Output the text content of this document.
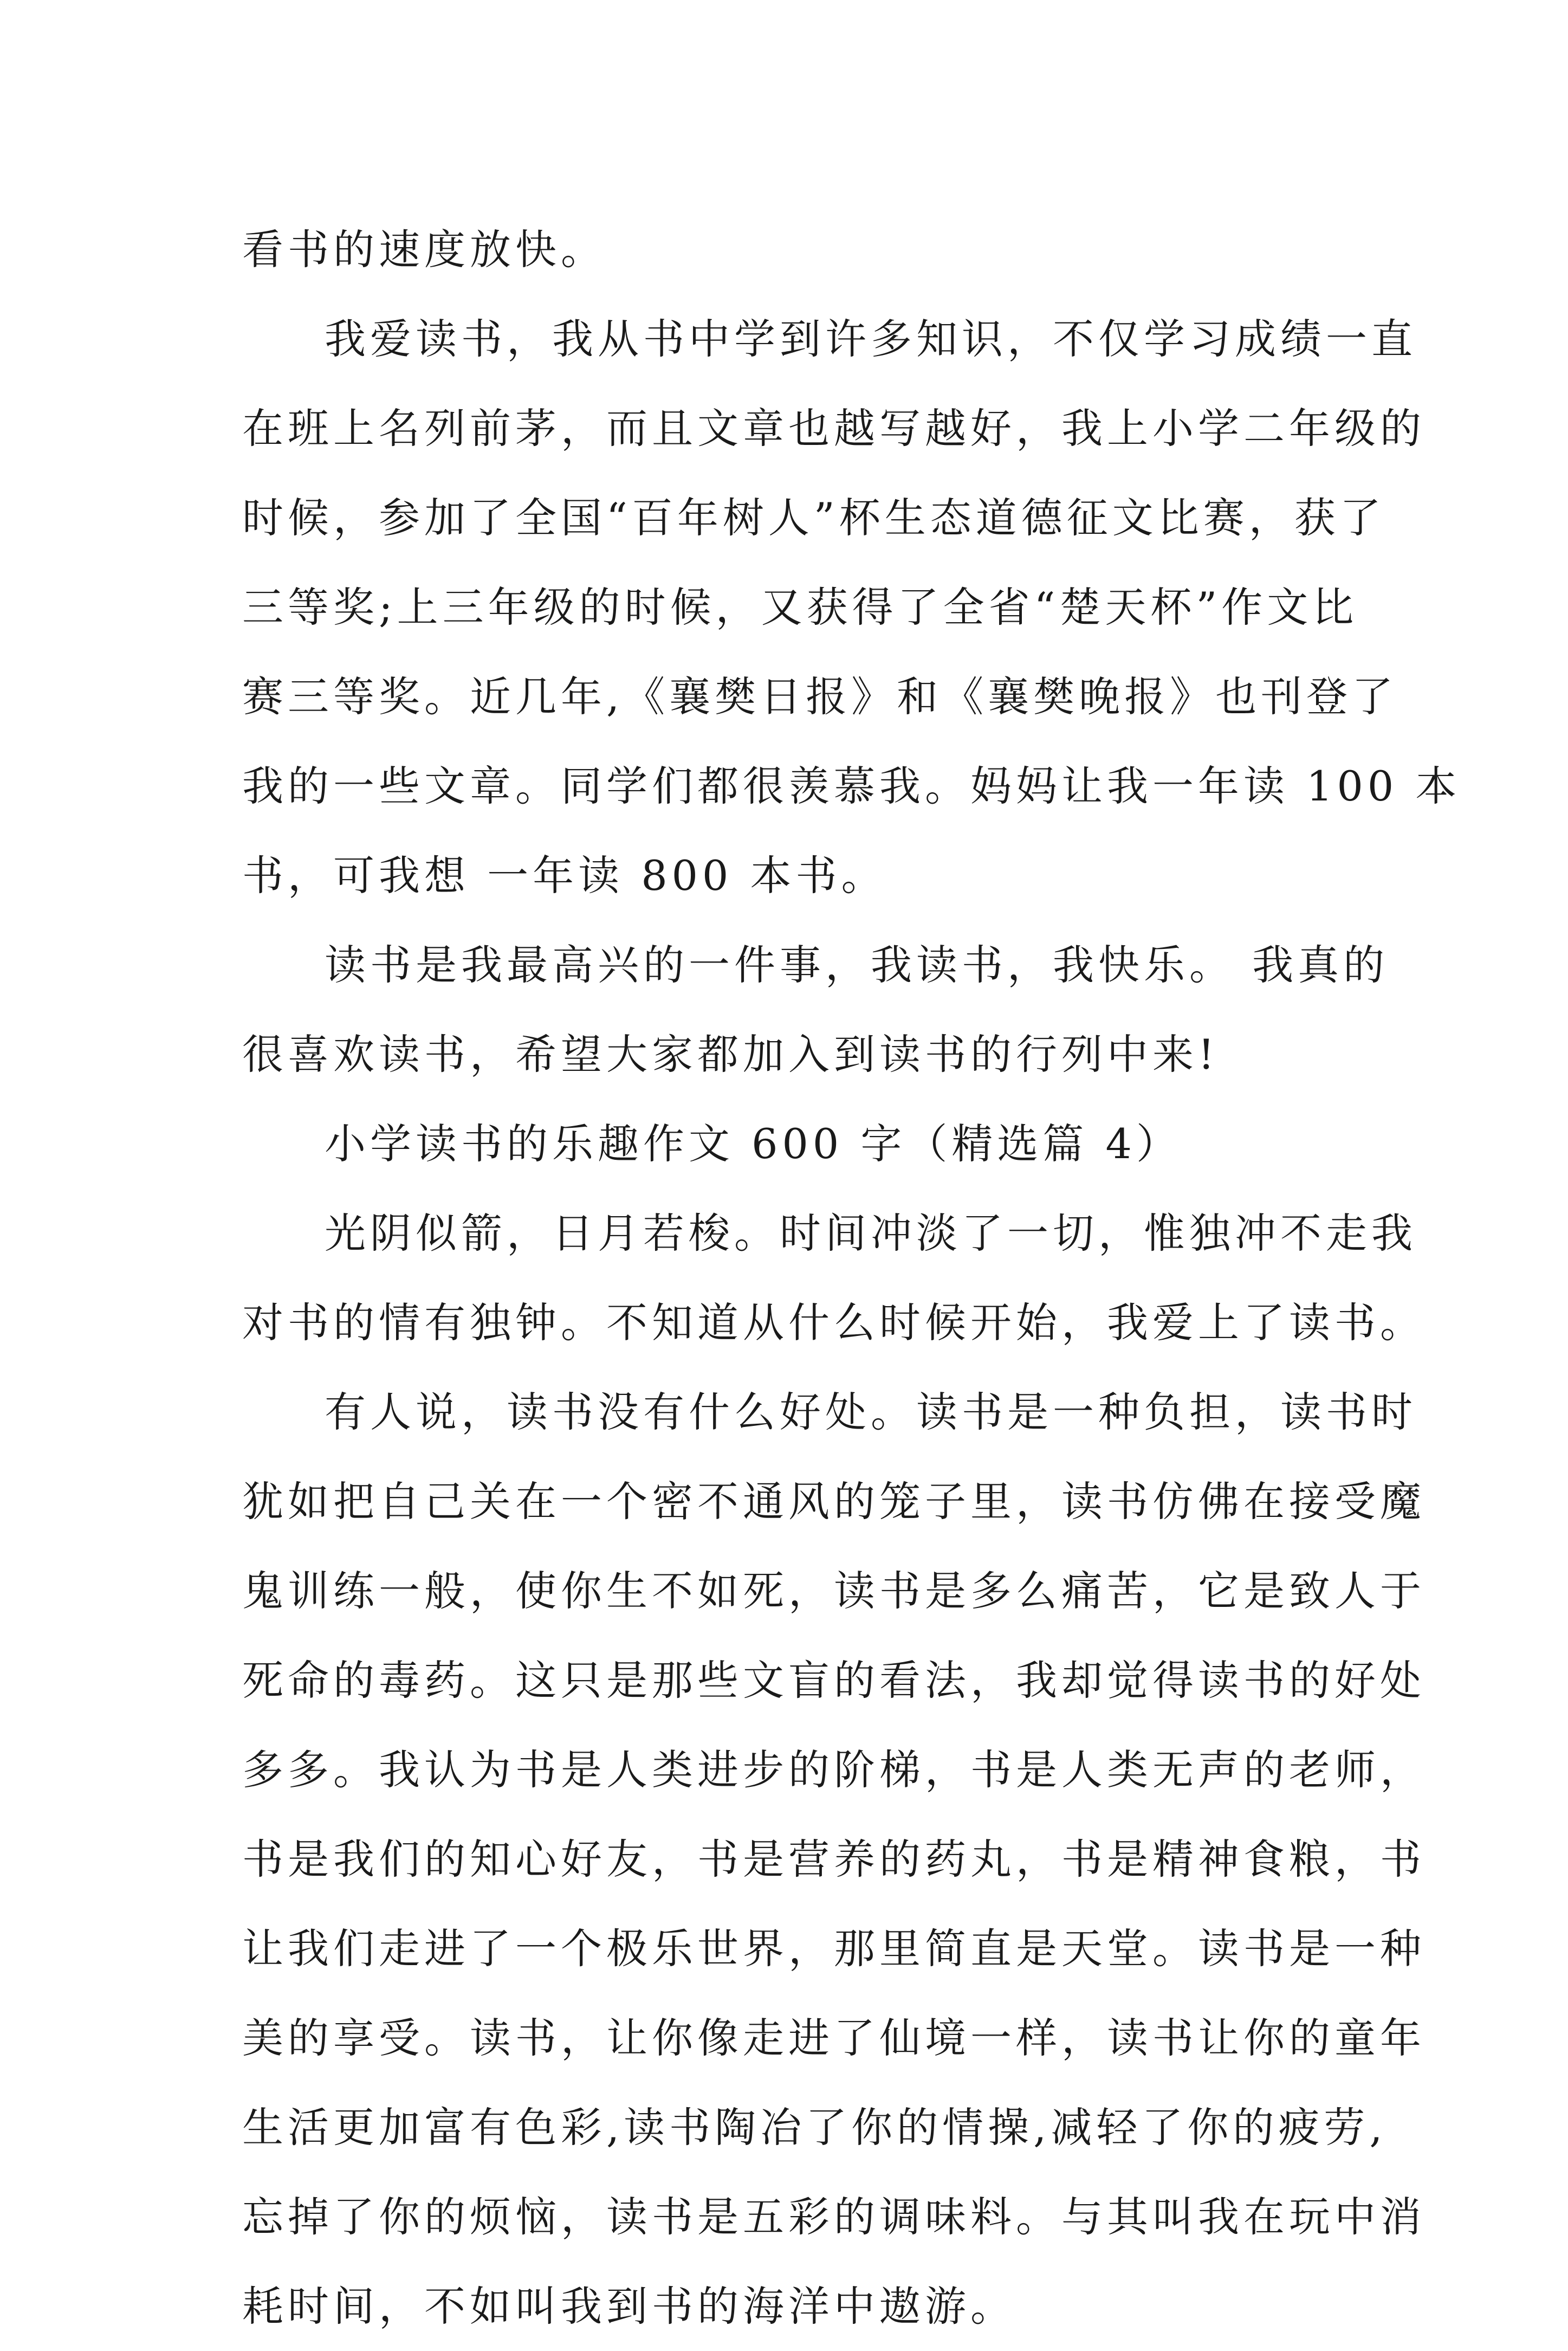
看书的速度放快。
我爱读书，我从书中学到许多知识，不仅学习成绩一直
在班上名列前茅，而且文章也越写越好，我上小学二年级的
时候，参加了全国“百年树人”杯生态道德征文比赛，获了
三等奖;上三年级的时候，又获得了全省“楚天杯”作文比
赛三等奖。近几年,《襄樊日报》和《襄樊晚报》也刊登了
我的一些文章。同学们都很羡慕我。妈妈让我一年读 100 本
书，可我想 一年读 800 本书。
读书是我最高兴的一件事，我读书，我快乐。 我真的
很喜欢读书，希望大家都加入到读书的行列中来!
小学读书的乐趣作文 600 字（精选篇 4）
光阴似箭，日月若梭。时间冲淡了一切，惟独冲不走我
对书的情有独钟。不知道从什么时候开始，我爱上了读书。
有人说，读书没有什么好处。读书是一种负担，读书时
犹如把自己关在一个密不通风的笼子里，读书仿佛在接受魔
鬼训练一般，使你生不如死，读书是多么痛苦，它是致人于
死命的毒药。这只是那些文盲的看法，我却觉得读书的好处
多多。我认为书是人类进步的阶梯，书是人类无声的老师，
书是我们的知心好友，书是营养的药丸，书是精神食粮，书
让我们走进了一个极乐世界，那里简直是天堂。读书是一种
美的享受。读书，让你像走进了仙境一样，读书让你的童年
生活更加富有色彩,读书陶冶了你的情操,减轻了你的疲劳,
忘掉了你的烦恼，读书是五彩的调味料。与其叫我在玩中消
耗时间，不如叫我到书的海洋中遨游。
